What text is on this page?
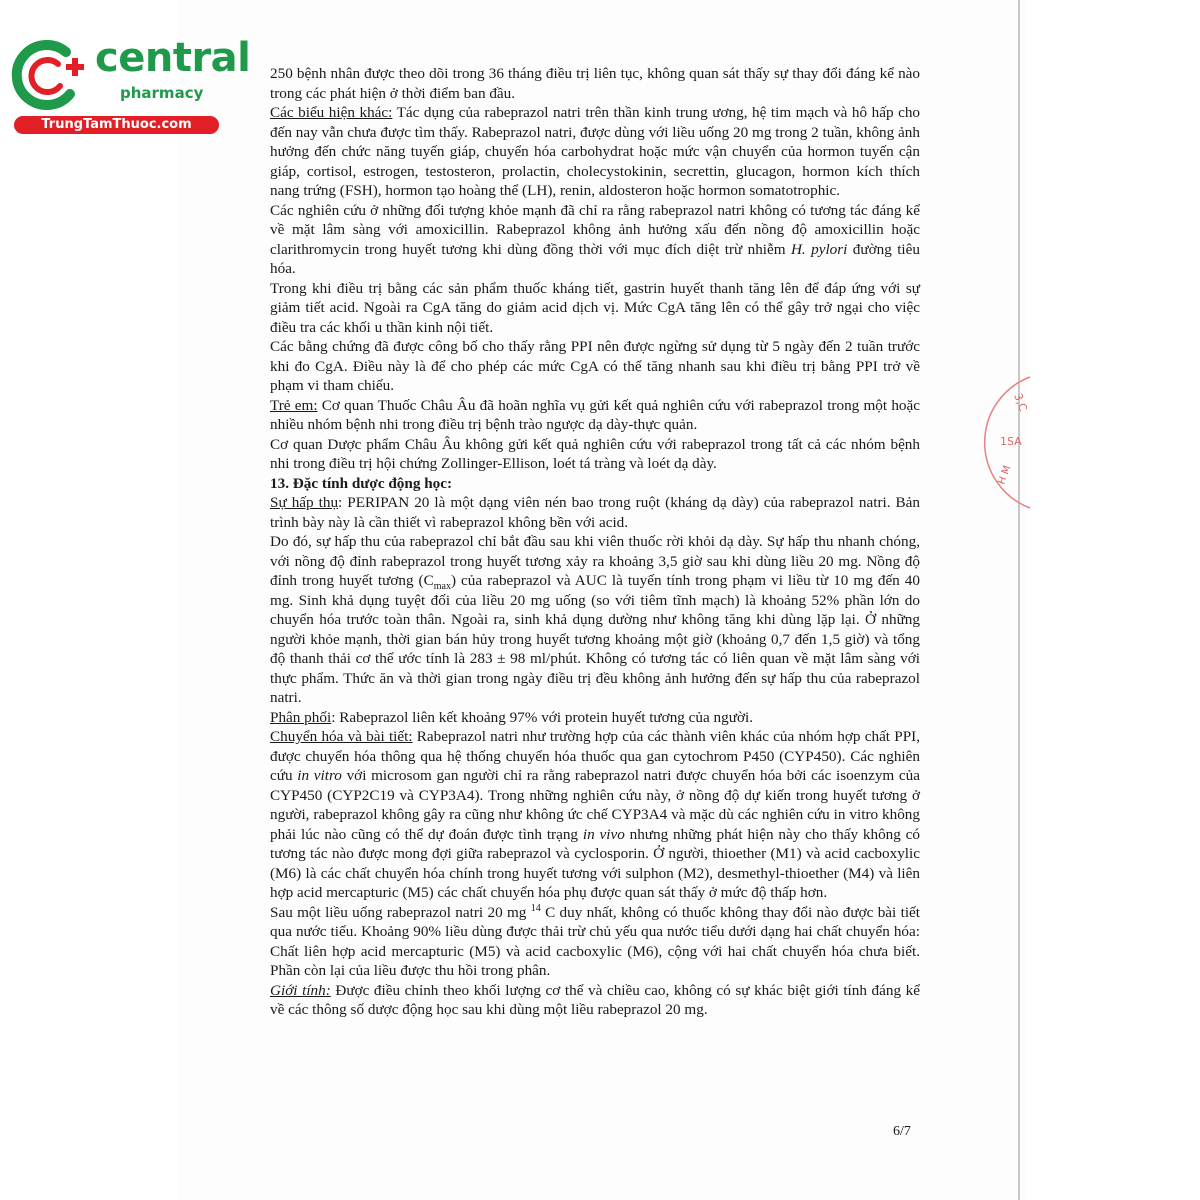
central
pharmacy
TrungTamThuoc.com
3,C
1SA
H M

250 bệnh nhân được theo dõi trong 36 tháng điều trị liên tục, không quan sát thấy sự thay đổi đáng kể nào trong các phát hiện ở thời điểm ban đầu.

Các biểu hiện khác: Tác dụng của rabeprazol natri trên thần kinh trung ương, hệ tim mạch và hô hấp cho đến nay vẫn chưa được tìm thấy. Rabeprazol natri, được dùng với liều uống 20 mg trong 2 tuần, không ảnh hưởng đến chức năng tuyến giáp, chuyển hóa carbohydrat hoặc mức vận chuyển của hormon tuyến cận giáp, cortisol, estrogen, testosteron, prolactin, cholecystokinin, secrettin, glucagon, hormon kích thích nang trứng (FSH), hormon tạo hoàng thể (LH), renin, aldosteron hoặc hormon somatotrophic.

Các nghiên cứu ở những đối tượng khỏe mạnh đã chỉ ra rằng rabeprazol natri không có tương tác đáng kể về mặt lâm sàng với amoxicillin. Rabeprazol không ảnh hưởng xấu đến nồng độ amoxicillin hoặc clarithromycin trong huyết tương khi dùng đồng thời với mục đích diệt trừ nhiễm H. pylori đường tiêu hóa.

Trong khi điều trị bằng các sản phẩm thuốc kháng tiết, gastrin huyết thanh tăng lên để đáp ứng với sự giảm tiết acid. Ngoài ra CgA tăng do giảm acid dịch vị. Mức CgA tăng lên có thể gây trở ngại cho việc điều tra các khối u thần kinh nội tiết.

Các bằng chứng đã được công bố cho thấy rằng PPI nên được ngừng sử dụng từ 5 ngày đến 2 tuần trước khi đo CgA. Điều này là để cho phép các mức CgA có thể tăng nhanh sau khi điều trị bằng PPI trở về phạm vi tham chiếu.

Trẻ em: Cơ quan Thuốc Châu Âu đã hoãn nghĩa vụ gửi kết quả nghiên cứu với rabeprazol trong một hoặc nhiều nhóm bệnh nhi trong điều trị bệnh trào ngược dạ dày-thực quản.

Cơ quan Dược phẩm Châu Âu không gửi kết quả nghiên cứu với rabeprazol trong tất cả các nhóm bệnh nhi trong điều trị hội chứng Zollinger-Ellison, loét tá tràng và loét dạ dày.

13. Đặc tính dược động học:

Sự hấp thụ: PERIPAN 20 là một dạng viên nén bao trong ruột (kháng dạ dày) của rabeprazol natri. Bản trình bày này là cần thiết vì rabeprazol không bền với acid.

Do đó, sự hấp thu của rabeprazol chỉ bắt đầu sau khi viên thuốc rời khỏi dạ dày. Sự hấp thu nhanh chóng, với nồng độ đỉnh rabeprazol trong huyết tương xảy ra khoảng 3,5 giờ sau khi dùng liều 20 mg. Nồng độ đỉnh trong huyết tương $(C_{max})$ của rabeprazol và AUC là tuyến tính trong phạm vi liều từ 10 mg đến 40 mg. Sinh khả dụng tuyệt đối của liều 20 mg uống (so với tiêm tĩnh mạch) là khoảng 52% phần lớn do chuyển hóa trước toàn thân. Ngoài ra, sinh khả dụng dường như không tăng khi dùng lặp lại. Ở những người khỏe mạnh, thời gian bán hủy trong huyết tương khoảng một giờ (khoảng 0,7 đến 1,5 giờ) và tổng độ thanh thải cơ thể ước tính là 283 ± 98 ml/phút. Không có tương tác có liên quan về mặt lâm sàng với thực phẩm. Thức ăn và thời gian trong ngày điều trị đều không ảnh hưởng đến sự hấp thu của rabeprazol natri.

Phân phối: Rabeprazol liên kết khoảng 97% với protein huyết tương của người.

Chuyển hóa và bài tiết: Rabeprazol natri như trường hợp của các thành viên khác của nhóm hợp chất PPI, được chuyển hóa thông qua hệ thống chuyển hóa thuốc qua gan cytochrom P450 (CYP450). Các nghiên cứu in vitro với microsom gan người chỉ ra rằng rabeprazol natri được chuyển hóa bởi các isoenzym của CYP450 (CYP2C19 và CYP3A4). Trong những nghiên cứu này, ở nồng độ dự kiến trong huyết tương ở người, rabeprazol không gây ra cũng như không ức chế CYP3A4 và mặc dù các nghiên cứu in vitro không phải lúc nào cũng có thể dự đoán được tình trạng in vivo nhưng những phát hiện này cho thấy không có tương tác nào được mong đợi giữa rabeprazol và cyclosporin. Ở người, thioether (M1) và acid cacboxylic (M6) là các chất chuyển hóa chính trong huyết tương với sulphon (M2), desmethyl-thioether (M4) và liên hợp acid mercapturic (M5) các chất chuyển hóa phụ được quan sát thấy ở mức độ thấp hơn.

Sau một liều uống rabeprazol natri 20 mg $^{14}$ C duy nhất, không có thuốc không thay đổi nào được bài tiết qua nước tiểu. Khoảng 90% liều dùng được thải trừ chủ yếu qua nước tiểu dưới dạng hai chất chuyển hóa: Chất liên hợp acid mercapturic (M5) và acid cacboxylic (M6), cộng với hai chất chuyển hóa chưa biết. Phần còn lại của liều được thu hồi trong phân.

Giới tính: Được điều chỉnh theo khối lượng cơ thể và chiều cao, không có sự khác biệt giới tính đáng kể về các thông số dược động học sau khi dùng một liều rabeprazol 20 mg.

6/7
